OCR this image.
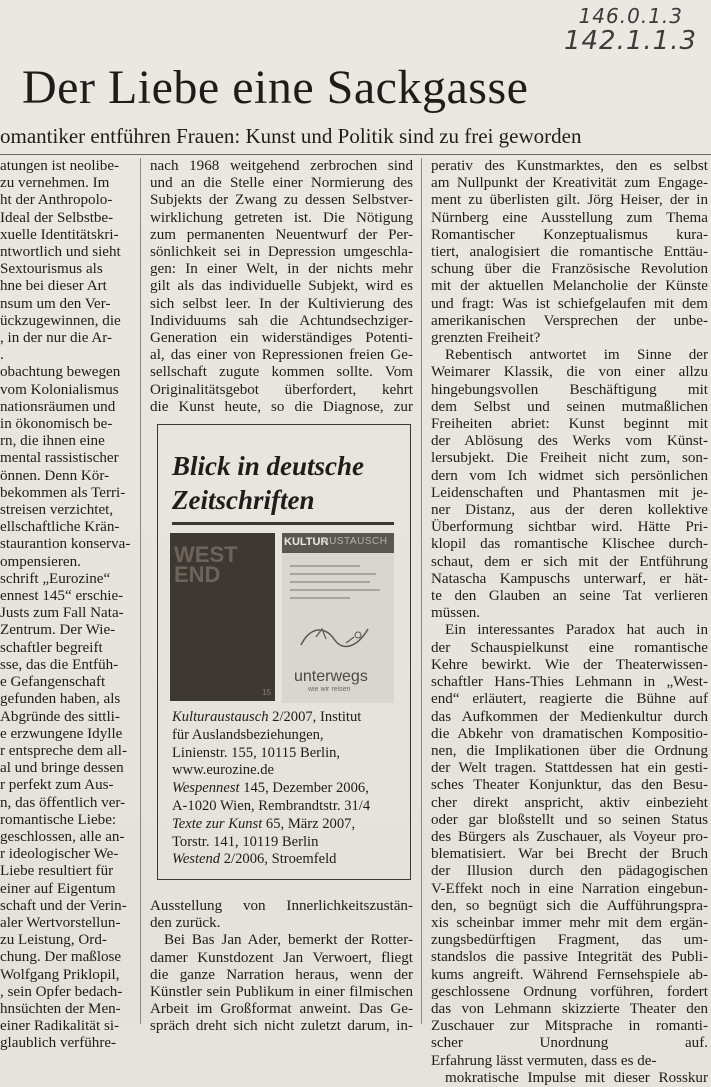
146.0.1.3
142.1.1.3
Der Liebe eine Sackgasse
omantiker entführen Frauen: Kunst und Politik sind zu frei geworden
atungen ist neolibe-
zu vernehmen. Im
ht der Anthropolo-
Ideal der Selbstbe-
xuelle Identitätskri-
ntwortlich und sieht
Sextourismus als
hne bei dieser Art
nsum um den Ver-
ückzugewinnen, die
, in der nur die Ar-
.
obachtung bewegen
vom Kolonialismus
nationsräumen und
in ökonomisch be-
rn, die ihnen eine
mental rassistischer
önnen. Denn Kör-
bekommen als Terri-
streisen verzichtet,
ellschaftliche Krän-
staurantion konserva-
ompensieren.
schrift „Eurozine“
ennest 145“ erschie-
Justs zum Fall Nata-
Zentrum. Der Wie-
schaftler begreift
sse, das die Entfüh-
e Gefangenschaft
gefunden haben, als
Abgründe des sittli-
e erzwungene Idylle
r entspreche dem all-
al und bringe dessen
r perfekt zum Aus-
n, das öffentlich ver-
romantische Liebe:
geschlossen, alle an-
r ideologischer We-
Liebe resultiert für
einer auf Eigentum
schaft und der Verin-
aler Wertvorstellun-
zu Leistung, Ord-
chung. Der maßlose
Wolfgang Priklopil,
, sein Opfer bedach-
hnsüchten der Men-
einer Radikalität si-
glaublich verführe-
nach 1968 weitgehend zerbrochen sind
und an die Stelle einer Normierung des
Subjekts der Zwang zu dessen Selbstver-
wirklichung getreten ist. Die Nötigung
zum permanenten Neuentwurf der Per-
sönlichkeit sei in Depression umgeschla-
gen: In einer Welt, in der nichts mehr
gilt als das individuelle Subjekt, wird es
sich selbst leer. In der Kultivierung des
Individuums sah die Achtundsechziger-
Generation ein widerständiges Potenti-
al, das einer von Repressionen freien Ge-
sellschaft zugute kommen sollte. Vom
Originalitätsgebot überfordert, kehrt
die Kunst heute, so die Diagnose, zur
Blick in deutsche
Zeitschriften
WEST END
15
KULTUR
AUSTAUSCH
unterwegs
wie wir reisen
Kulturaustausch 2/2007, Institut
für Auslandsbeziehungen,
Linienstr. 155, 10115 Berlin,
www.eurozine.de
Wespennest 145, Dezember 2006,
A-1020 Wien, Rembrandtstr. 31/4
Texte zur Kunst 65, März 2007,
Torstr. 141, 10119 Berlin
Westend 2/2006, Stroemfeld
Ausstellung von Innerlichkeitszustän-
den zurück.
Bei Bas Jan Ader, bemerkt der Rotter-
damer Kunstdozent Jan Verwoert, fliegt
die ganze Narration heraus, wenn der
Künstler sein Publikum in einer filmischen
Arbeit im Großformat anweint. Das Ge-
spräch dreht sich nicht zuletzt darum, in-
perativ des Kunstmarktes, den es selbst
am Nullpunkt der Kreativität zum Engage-
ment zu überlisten gilt. Jörg Heiser, der in
Nürnberg eine Ausstellung zum Thema
Romantischer Konzeptualismus kura-
tiert, analogisiert die romantische Enttäu-
schung über die Französische Revolution
mit der aktuellen Melancholie der Künste
und fragt: Was ist schiefgelaufen mit dem
amerikanischen Versprechen der unbe-
grenzten Freiheit?
Rebentisch antwortet im Sinne der
Weimarer Klassik, die von einer allzu
hingebungsvollen Beschäftigung mit
dem Selbst und seinen mutmaßlichen
Freiheiten abriet: Kunst beginnt mit
der Ablösung des Werks vom Künst-
lersubjekt. Die Freiheit nicht zum, son-
dern vom Ich widmet sich persönlichen
Leidenschaften und Phantasmen mit je-
ner Distanz, aus der deren kollektive
Überformung sichtbar wird. Hätte Pri-
klopil das romantische Klischee durch-
schaut, dem er sich mit der Entführung
Natascha Kampuschs unterwarf, er hät-
te den Glauben an seine Tat verlieren
müssen.
Ein interessantes Paradox hat auch in
der Schauspielkunst eine romantische
Kehre bewirkt. Wie der Theaterwissen-
schaftler Hans-Thies Lehmann in „West-
end“ erläutert, reagierte die Bühne auf
das Aufkommen der Medienkultur durch
die Abkehr von dramatischen Kompositio-
nen, die Implikationen über die Ordnung
der Welt tragen. Stattdessen hat ein gesti-
sches Theater Konjunktur, das den Besu-
cher direkt anspricht, aktiv einbezieht
oder gar bloßstellt und so seinen Status
des Bürgers als Zuschauer, als Voyeur pro-
blematisiert. War bei Brecht der Bruch
der Illusion durch den pädagogischen
V-Effekt noch in eine Narration eingebun-
den, so begnügt sich die Aufführungspra-
xis scheinbar immer mehr mit dem ergän-
zungsbedürftigen Fragment, das um-
standslos die passive Integrität des Publi-
kums angreift. Während Fernsehspiele ab-
geschlossene Ordnung vorführen, fordert
das von Lehmann skizzierte Theater den
Zuschauer zur Mitsprache in romanti-
scher Unordnung auf.
Erfahrung lässt vermuten, dass es de-
mokratische Impulse mit dieser Rosskur
